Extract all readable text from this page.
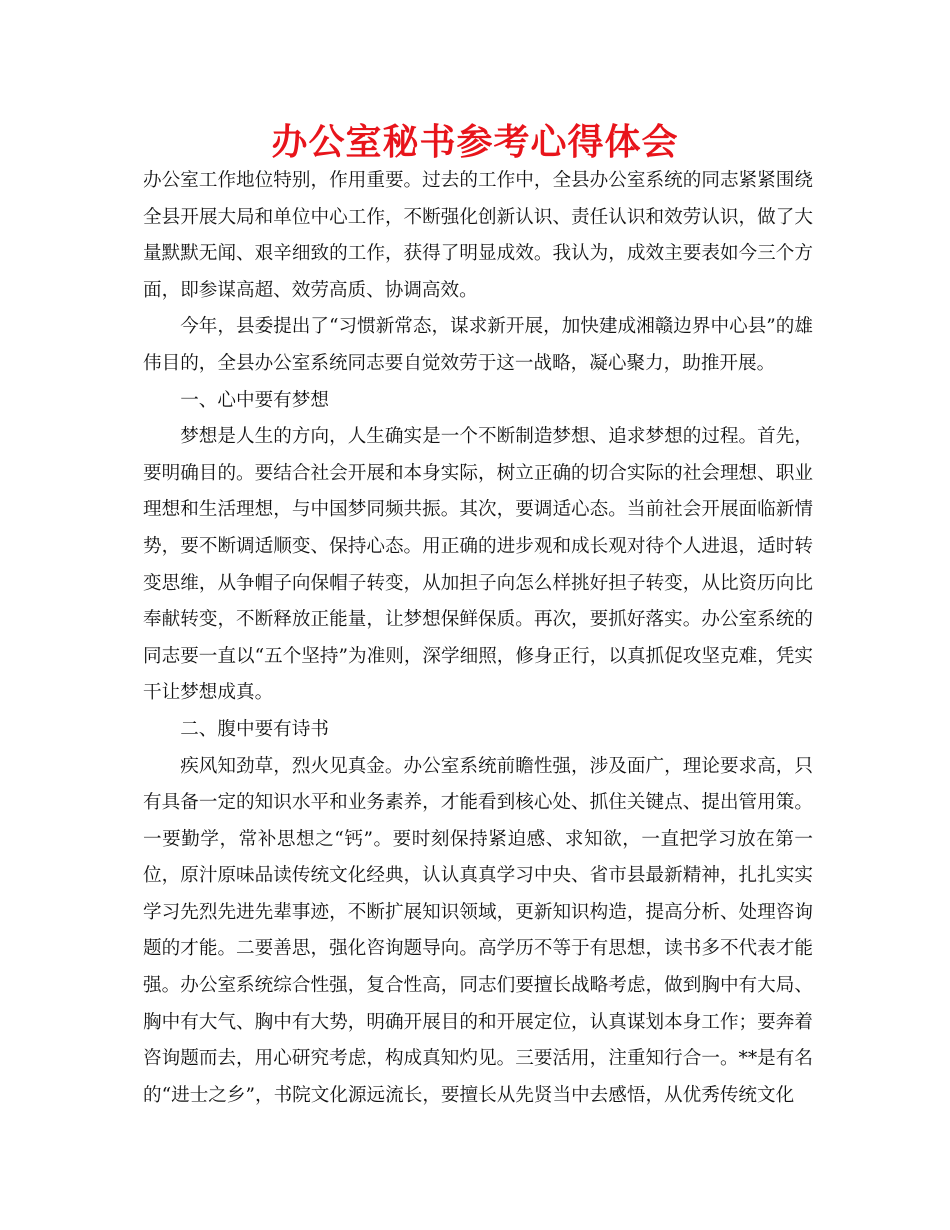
办公室秘书参考心得体会

办公室工作地位特别，作用重要。过去的工作中，全县办公室系统的同志紧紧围绕全县开展大局和单位中心工作，不断强化创新认识、责任认识和效劳认识，做了大量默默无闻、艰辛细致的工作，获得了明显成效。我认为，成效主要表如今三个方面，即参谋高超、效劳高质、协调高效。

今年，县委提出了“习惯新常态，谋求新开展，加快建成湘赣边界中心县”的雄伟目的，全县办公室系统同志要自觉效劳于这一战略，凝心聚力，助推开展。

一、心中要有梦想

梦想是人生的方向，人生确实是一个不断制造梦想、追求梦想的过程。首先，要明确目的。要结合社会开展和本身实际，树立正确的切合实际的社会理想、职业理想和生活理想，与中国梦同频共振。其次，要调适心态。当前社会开展面临新情势，要不断调适顺变、保持心态。用正确的进步观和成长观对待个人进退，适时转变思维，从争帽子向保帽子转变，从加担子向怎么样挑好担子转变，从比资历向比奉献转变，不断释放正能量，让梦想保鲜保质。再次，要抓好落实。办公室系统的同志要一直以“五个坚持”为准则，深学细照，修身正行，以真抓促攻坚克难，凭实干让梦想成真。

二、腹中要有诗书

疾风知劲草，烈火见真金。办公室系统前瞻性强，涉及面广，理论要求高，只有具备一定的知识水平和业务素养，才能看到核心处、抓住关键点、提出管用策。一要勤学，常补思想之“钙”。要时刻保持紧迫感、求知欲，一直把学习放在第一位，原汁原味品读传统文化经典，认认真真学习中央、省市县最新精神，扎扎实实学习先烈先进先辈事迹，不断扩展知识领域，更新知识构造，提高分析、处理咨询题的才能。二要善思，强化咨询题导向。高学历不等于有思想，读书多不代表才能强。办公室系统综合性强，复合性高，同志们要擅长战略考虑，做到胸中有大局、胸中有大气、胸中有大势，明确开展目的和开展定位，认真谋划本身工作；要奔着咨询题而去，用心研究考虑，构成真知灼见。三要活用，注重知行合一。**是有名的“进士之乡”，书院文化源远流长，要擅长从先贤当中去感悟，从优秀传统文化
